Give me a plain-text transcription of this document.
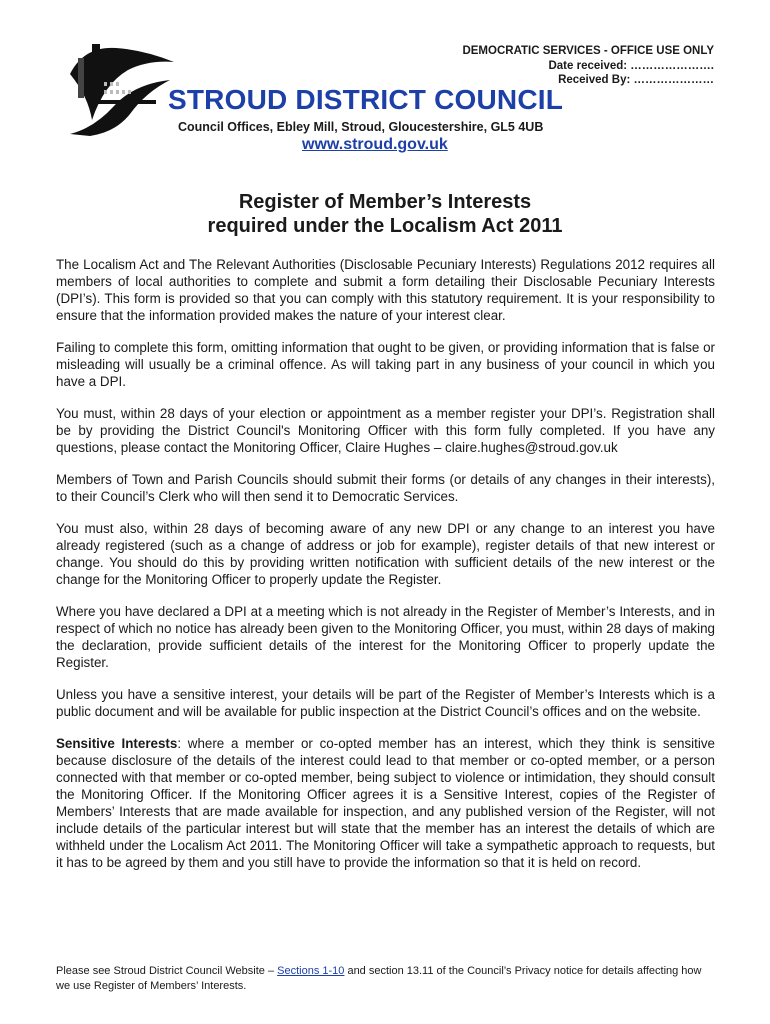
DEMOCRATIC SERVICES - OFFICE USE ONLY
Date received: ………………….
Received By: …………………
STROUD DISTRICT COUNCIL
Council Offices, Ebley Mill, Stroud, Gloucestershire, GL5 4UB
www.stroud.gov.uk
Register of Member’s Interests
required under the Localism Act 2011

The Localism Act and The Relevant Authorities (Disclosable Pecuniary Interests) Regulations 2012 requires all members of local authorities to complete and submit a form detailing their Disclosable Pecuniary Interests (DPI’s). This form is provided so that you can comply with this statutory requirement. It is your responsibility to ensure that the information provided makes the nature of your interest clear.

Failing to complete this form, omitting information that ought to be given, or providing information that is false or misleading will usually be a criminal offence. As will taking part in any business of your council in which you have a DPI.

You must, within 28 days of your election or appointment as a member register your DPI’s. Registration shall be by providing the District Council's Monitoring Officer with this form fully completed. If you have any questions, please contact the Monitoring Officer, Claire Hughes – claire.hughes@stroud.gov.uk

Members of Town and Parish Councils should submit their forms (or details of any changes in their interests), to their Council’s Clerk who will then send it to Democratic Services.

You must also, within 28 days of becoming aware of any new DPI or any change to an interest you have already registered (such as a change of address or job for example), register details of that new interest or change. You should do this by providing written notification with sufficient details of the new interest or the change for the Monitoring Officer to properly update the Register.

Where you have declared a DPI at a meeting which is not already in the Register of Member’s Interests, and in respect of which no notice has already been given to the Monitoring Officer, you must, within 28 days of making the declaration, provide sufficient details of the interest for the Monitoring Officer to properly update the Register.

Unless you have a sensitive interest, your details will be part of the Register of Member’s Interests which is a public document and will be available for public inspection at the District Council’s offices and on the website.

Sensitive Interests: where a member or co-opted member has an interest, which they think is sensitive because disclosure of the details of the interest could lead to that member or co-opted member, or a person connected with that member or co-opted member, being subject to violence or intimidation, they should consult the Monitoring Officer. If the Monitoring Officer agrees it is a Sensitive Interest, copies of the Register of Members’ Interests that are made available for inspection, and any published version of the Register, will not include details of the particular interest but will state that the member has an interest the details of which are withheld under the Localism Act 2011. The Monitoring Officer will take a sympathetic approach to requests, but it has to be agreed by them and you still have to provide the information so that it is held on record.

Please see Stroud District Council Website – Sections 1-10 and section 13.11 of the Council’s Privacy notice for details affecting how we use Register of Members’ Interests.
